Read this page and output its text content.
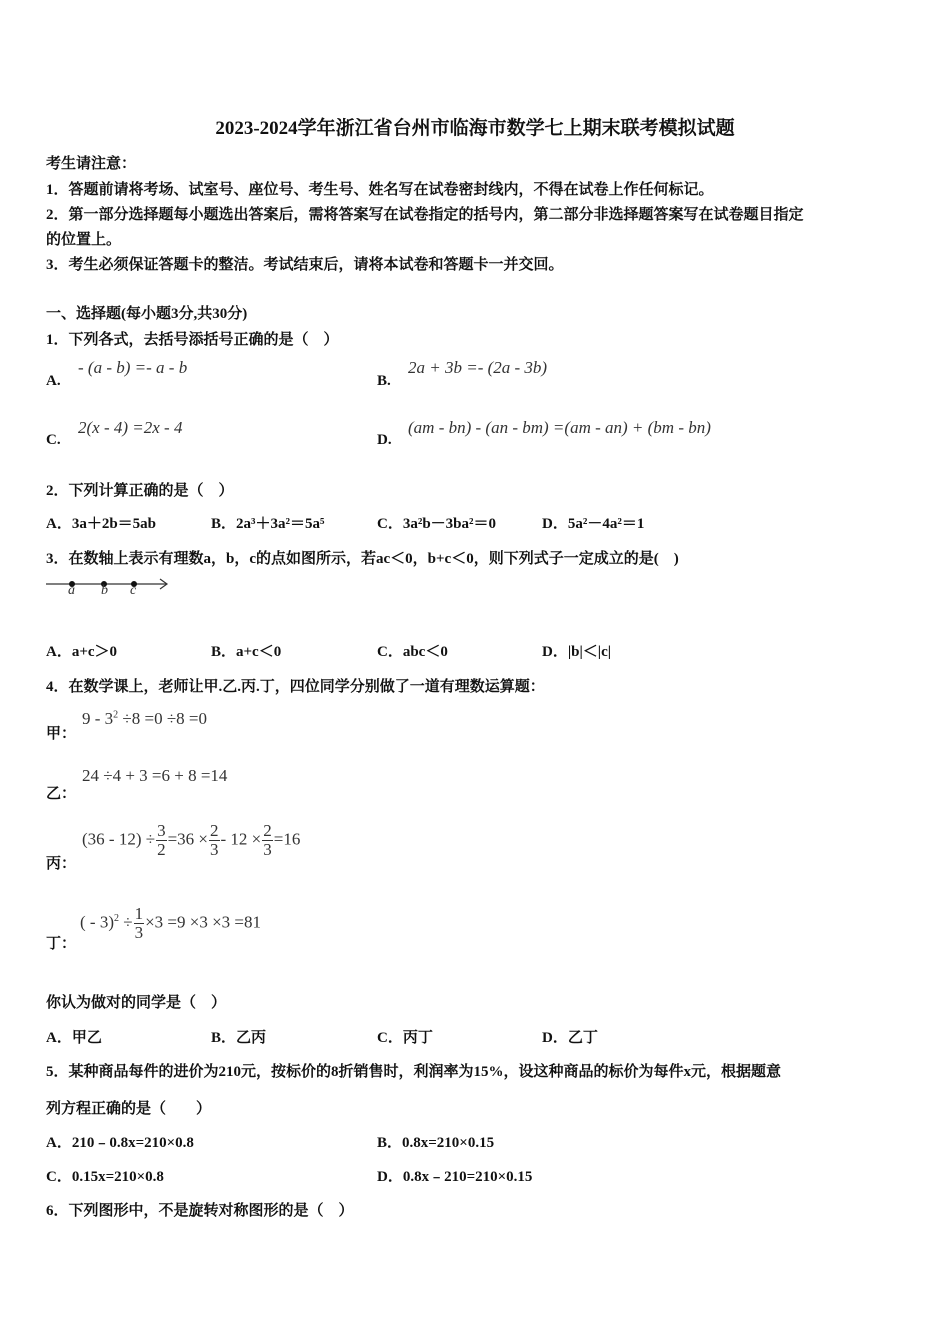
2023-2024学年浙江省台州市临海市数学七上期末联考模拟试题
考生请注意：
1．答题前请将考场、试室号、座位号、考生号、姓名写在试卷密封线内，不得在试卷上作任何标记。
2．第一部分选择题每小题选出答案后，需将答案写在试卷指定的括号内，第二部分非选择题答案写在试卷题目指定
的位置上。
3．考生必须保证答题卡的整洁。考试结束后，请将本试卷和答题卡一并交回。
一、选择题(每小题3分,共30分)
1．下列各式，去括号添括号正确的是（　）
A.
- (a - b) =- a - b
B.
2a + 3b =- (2a - 3b)
C.
2(x - 4) =2x - 4
D.
(am - bn) - (an - bm) =(am - an) + (bm - bn)
2．下列计算正确的是（　）
A．3a＋2b＝5ab	B．2a³＋3a²＝5a⁵	C．3a²b－3ba²＝0	D．5a²－4a²＝1
3．在数轴上表示有理数a，b，c的点如图所示，若ac＜0，b+c＜0，则下列式子一定成立的是(　)
a b c
A．a+c＞0	B．a+c＜0	C．abc＜0	D．|b|＜|c|
4．在数学课上，老师让甲.乙.丙.丁，四位同学分别做了一道有理数运算题：
甲：
$9 - 3^2 \div 8 =0 \div 8 =0$
乙：
24 ÷4 + 3 =6 + 8 =14
丙：
$(36 - 12) \div \frac{3}{2} =36 \times \frac{2}{3} - 12 \times \frac{2}{3} =16$
丁：
( - $3)^2 \div \frac{1}{3} \times 3 =9 \times 3 \times 3 =81$
你认为做对的同学是（　）
A．甲乙	B．乙丙	C．丙丁	D．乙丁
5．某种商品每件的进价为210元，按标价的8折销售时，利润率为15%，设这种商品的标价为每件x元，根据题意
列方程正确的是（　　）
A．210﹣0.8x=210×0.8	B．0.8x=210×0.15
C．0.15x=210×0.8	D．0.8x﹣210=210×0.15
6．下列图形中，不是旋转对称图形的是（　）
